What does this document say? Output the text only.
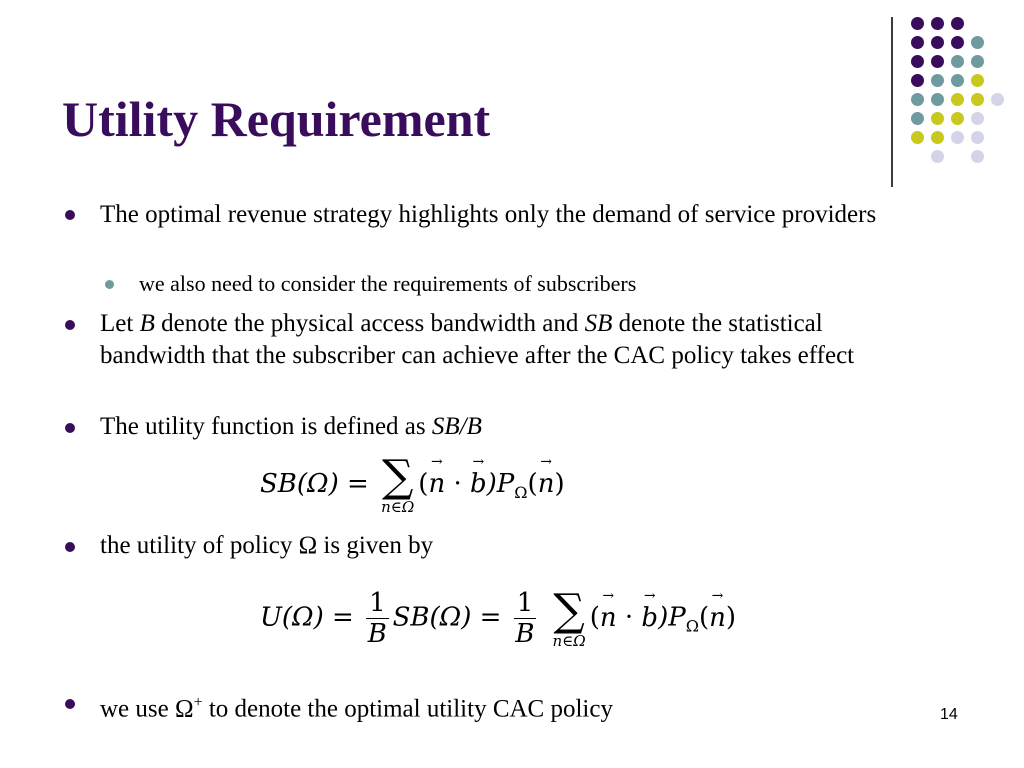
Utility Requirement

The optimal revenue strategy highlights only the demand of service providers

we also need to consider the requirements of subscribers

Let B denote the physical access bandwidth and SB denote the statistical bandwidth that the subscriber can achieve after the CAC policy takes effect

The utility function is defined as SB/B

SB(Ω) = ∑
n∈Ω
(→ n · → $b)P_\Omega(\to n)$

the utility of policy Ω is given by

$U(\Omega) = \frac{1}{B} SB(\Omega) = \frac{1}{B}$
∑
n∈Ω
(→ n · → $b)P_\Omega(\to n)$

we use Ω+ to denote the optimal utility CAC policy	14
